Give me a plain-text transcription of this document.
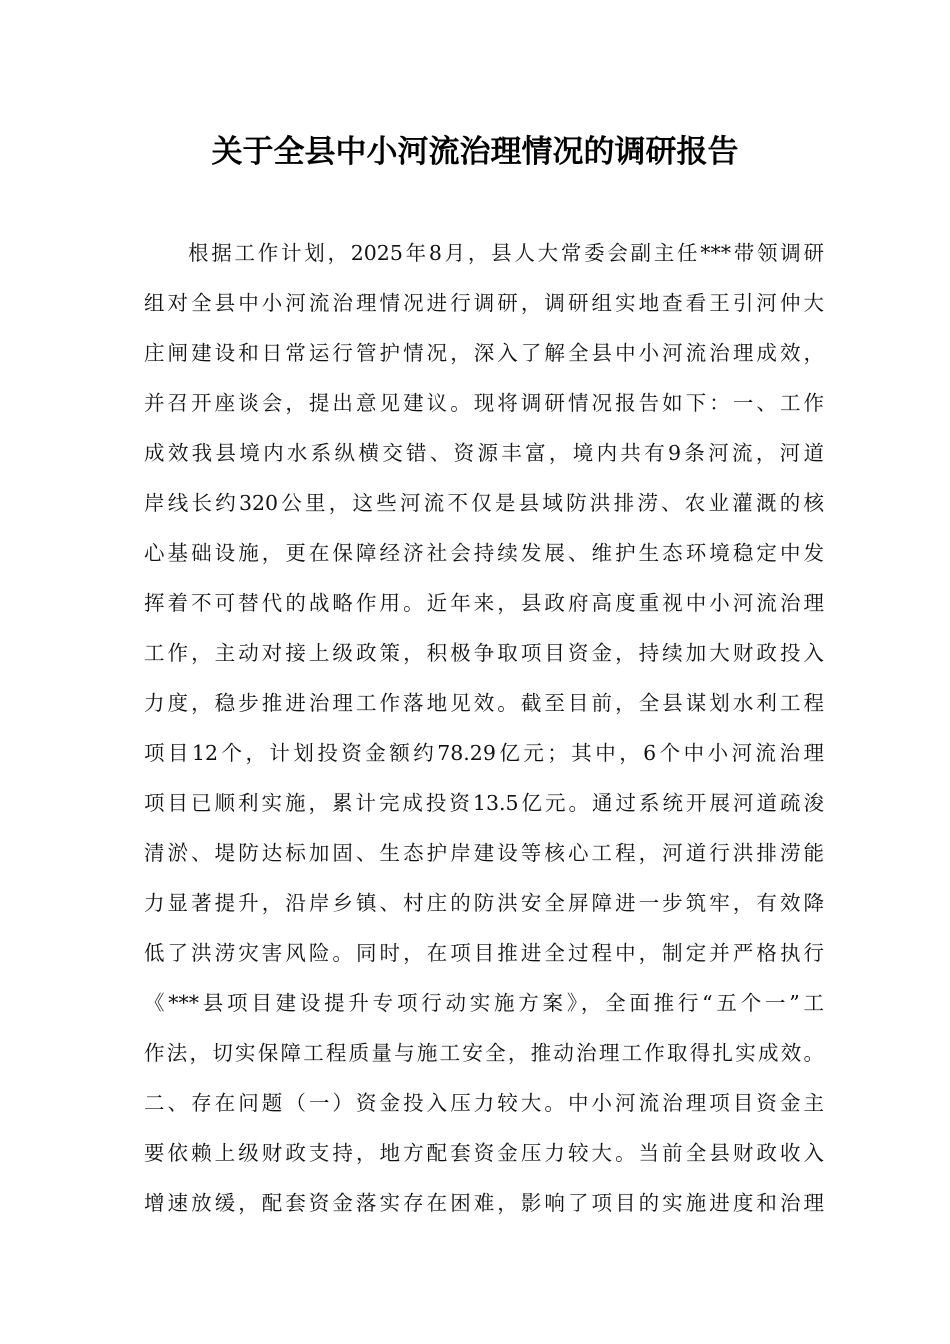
关于全县中小河流治理情况的调研报告
根据工作计划，2025年8月，县人大常委会副主任***带领调研
组对全县中小河流治理情况进行调研，调研组实地查看王引河仲大
庄闸建设和日常运行管护情况，深入了解全县中小河流治理成效，
并召开座谈会，提出意见建议。现将调研情况报告如下：一、工作
成效我县境内水系纵横交错、资源丰富，境内共有9条河流，河道
岸线长约320公里，这些河流不仅是县域防洪排涝、农业灌溉的核
心基础设施，更在保障经济社会持续发展、维护生态环境稳定中发
挥着不可替代的战略作用。近年来，县政府高度重视中小河流治理
工作，主动对接上级政策，积极争取项目资金，持续加大财政投入
力度，稳步推进治理工作落地见效。截至目前，全县谋划水利工程
项目12个，计划投资金额约78.29亿元；其中，6个中小河流治理
项目已顺利实施，累计完成投资13.5亿元。通过系统开展河道疏浚
清淤、堤防达标加固、生态护岸建设等核心工程，河道行洪排涝能
力显著提升，沿岸乡镇、村庄的防洪安全屏障进一步筑牢，有效降
低了洪涝灾害风险。同时，在项目推进全过程中，制定并严格执行
《***县项目建设提升专项行动实施方案》，全面推行“五个一”工
作法，切实保障工程质量与施工安全，推动治理工作取得扎实成效。
二、存在问题（一）资金投入压力较大。中小河流治理项目资金主
要依赖上级财政支持，地方配套资金压力较大。当前全县财政收入
增速放缓，配套资金落实存在困难，影响了项目的实施进度和治理
